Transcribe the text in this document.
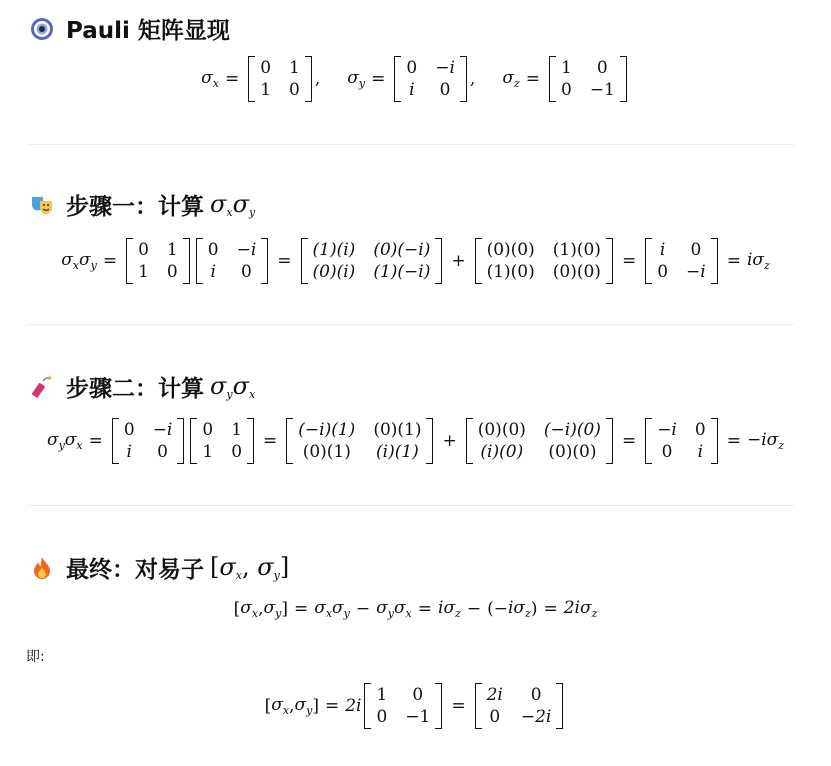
Pauli 矩阵显现
$\sigma_x$ =
0 1
1 0
, $\sigma_y$ =
0 −i
i 0
, $\sigma_z$ =
1	0
0 −1
步骤一：计算 $\sigma_x\sigma_y$
$\sigma_x\sigma_y$ =
0 1
1 0
0 −i
i 0
=
(1)(i) (0)(−i)
(0)(i) (1)(−i)
+
(0)(0) (1)(0)
(1)(0) (0)(0)
=
i 0
0 −i
= $i\sigma_z$
步骤二：计算 $\sigma_y\sigma_x$
$\sigma_y\sigma_x$ =
0 −i
i 0
0 1
1 0
=
(−i)(1) (0)(1)
(0)(1) (i)(1)
+
(0)(0) (−i)(0)
(i)(0) (0)(0)
=
−i 0
0 i
= $-i\sigma_z$
最终：对易子 [$\sigma_x$, $\sigma_y$]
[ $\sigma_x$ , $\sigma_y$ ] = $\sigma_x\sigma_y - \sigma_y\sigma_x = i\sigma_z$ − (− $i\sigma_z$ ) = $2i\sigma_z$
即:
[ $\sigma_x$ , $\sigma_y$ ] = 2i
1	0
0 −1
=
2i	0
0 −2i
